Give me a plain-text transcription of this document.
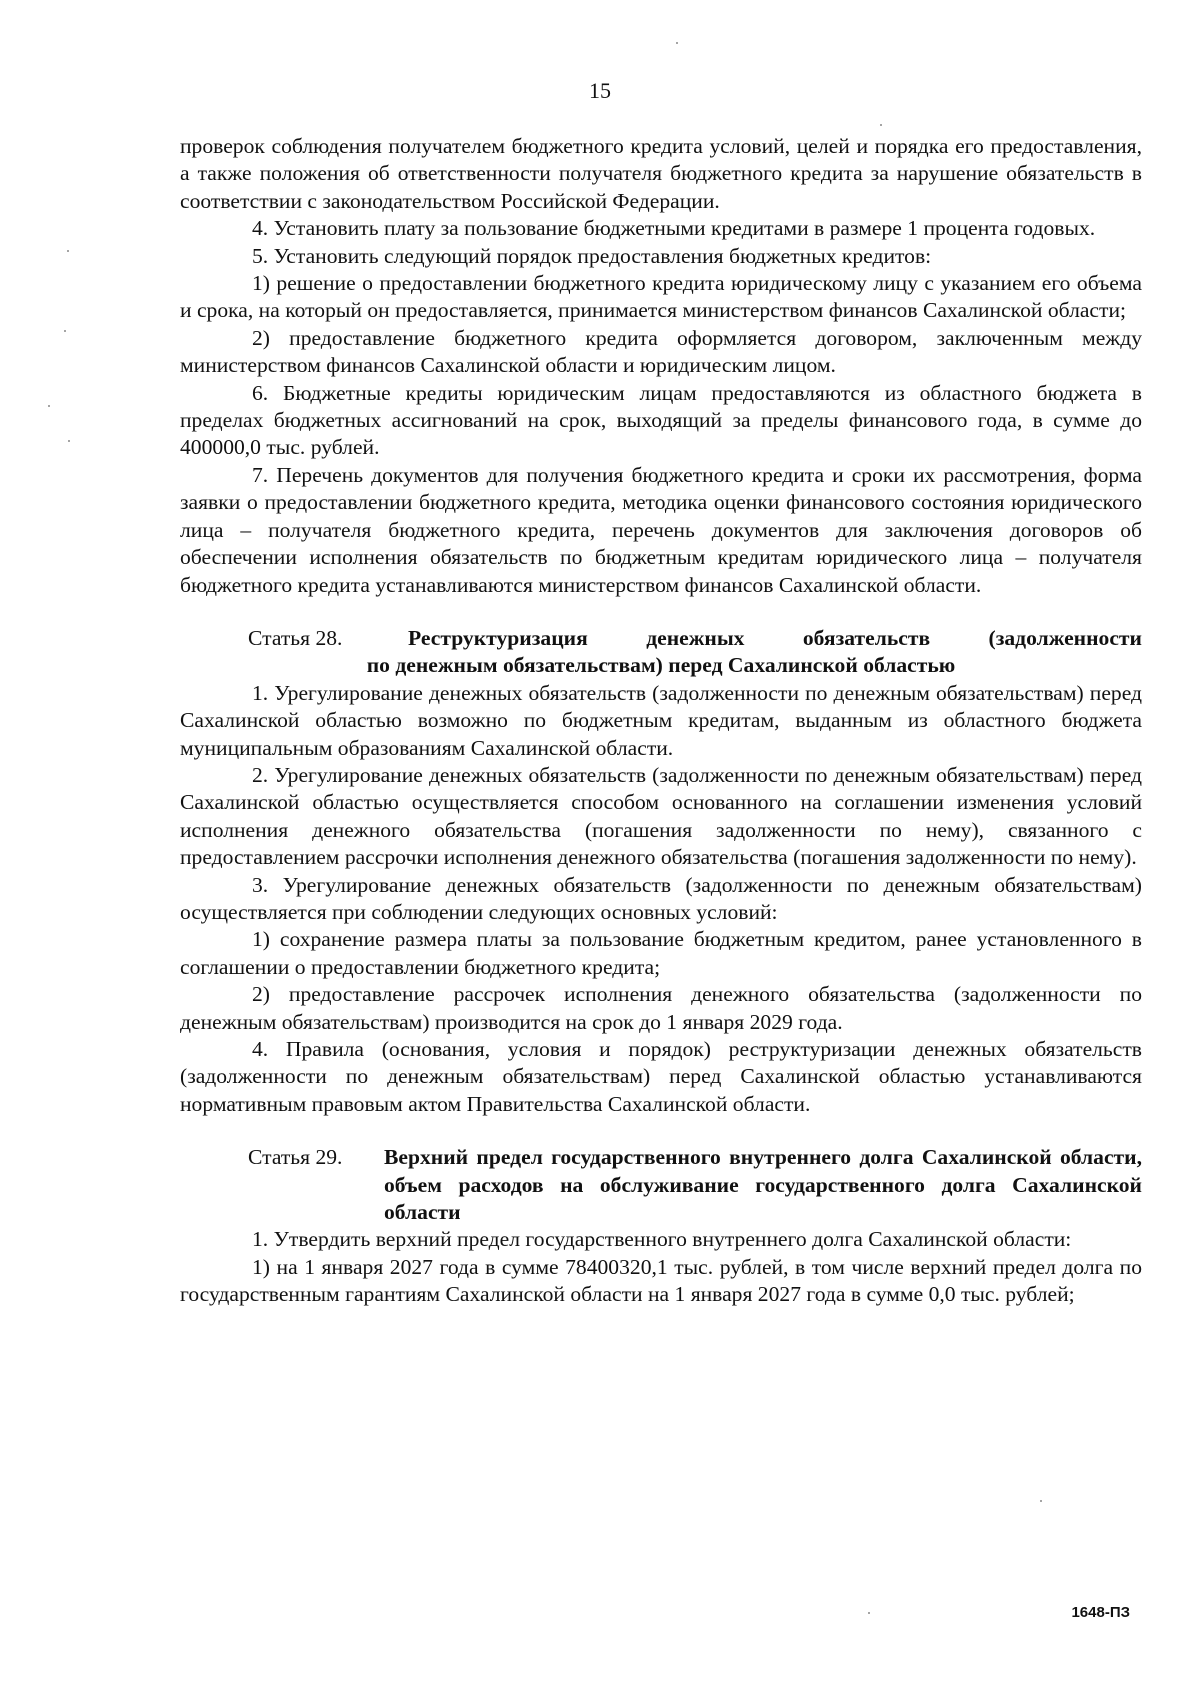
15

проверок соблюдения получателем бюджетного кредита условий, целей и порядка его предоставления, а также положения об ответственности получателя бюджетного кредита за нарушение обязательств в соответствии с законодательством Российской Федерации.

4. Установить плату за пользование бюджетными кредитами в размере 1 процента годовых.

5. Установить следующий порядок предоставления бюджетных кредитов:

1) решение о предоставлении бюджетного кредита юридическому лицу с указанием его объема и срока, на который он предоставляется, принимается министерством финансов Сахалинской области;

2) предоставление бюджетного кредита оформляется договором, заключенным между министерством финансов Сахалинской области и юридическим лицом.

6. Бюджетные кредиты юридическим лицам предоставляются из областного бюджета в пределах бюджетных ассигнований на срок, выходящий за пределы финансового года, в сумме до 400000,0 тыс. рублей.

7. Перечень документов для получения бюджетного кредита и сроки их рассмотрения, форма заявки о предоставлении бюджетного кредита, методика оценки финансового состояния юридического лица – получателя бюджетного кредита, перечень документов для заключения договоров об обеспечении исполнения обязательств по бюджетным кредитам юридического лица – получателя бюджетного кредита устанавливаются министерством финансов Сахалинской области.

Статья 28.	Реструктуризация	денежных	обязательств	(задолженности
по денежным обязательствам) перед Сахалинской областью

1. Урегулирование денежных обязательств (задолженности по денежным обязательствам) перед Сахалинской областью возможно по бюджетным кредитам, выданным из областного бюджета муниципальным образованиям Сахалинской области.

2. Урегулирование денежных обязательств (задолженности по денежным обязательствам) перед Сахалинской областью осуществляется способом основанного на соглашении изменения условий исполнения денежного обязательства (погашения задолженности по нему), связанного с предоставлением рассрочки исполнения денежного обязательства (погашения задолженности по нему).

3. Урегулирование денежных обязательств (задолженности по денежным обязательствам) осуществляется при соблюдении следующих основных условий:

1) сохранение размера платы за пользование бюджетным кредитом, ранее установленного в соглашении о предоставлении бюджетного кредита;

2) предоставление рассрочек исполнения денежного обязательства (задолженности по денежным обязательствам) производится на срок до 1 января 2029 года.

4. Правила (основания, условия и порядок) реструктуризации денежных обязательств (задолженности по денежным обязательствам) перед Сахалинской областью устанавливаются нормативным правовым актом Правительства Сахалинской области.

Статья 29.	Верхний предел государственного внутреннего долга Сахалинской области, объем расходов на обслуживание государственного долга Сахалинской области

1. Утвердить верхний предел государственного внутреннего долга Сахалинской области:

1) на 1 января 2027 года в сумме 78400320,1 тыс. рублей, в том числе верхний предел долга по государственным гарантиям Сахалинской области на 1 января 2027 года в сумме 0,0 тыс. рублей;

1648-ПЗ
